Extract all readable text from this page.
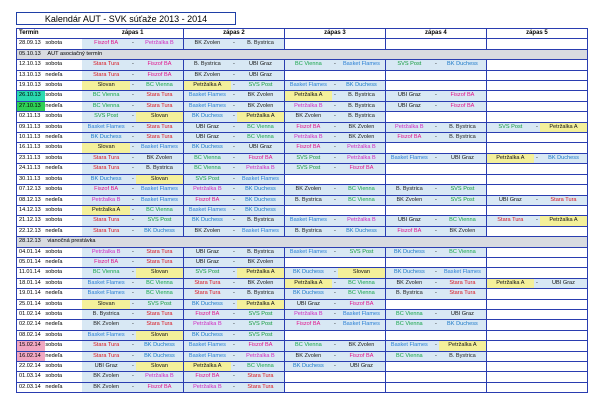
Kalendár AUT - SVK súťaže 2013 - 2014
Termín		zápas 1			zápas 2			zápas 3			zápas 4			zápas 5		
28.09.13	sobota	Fiszof BA	-	Petržalka B	BK Zvolen	-	B. Bystrica									
05.10.13	AUT asociačný termín															
12.10.13	sobota	Stara Tura	-	Fiszof BA	B. Bystrica	-	UBI Graz	BC Vienna	-	Basket Flames	SVS Post	-	BK Duchess			
13.10.13	nedeľa	Stara Tura	-	Fiszof BA	BK Zvolen	-	UBI Graz									
19.10.13	sobota	Slovan	-	BC Vienna	Petržalka A	-	SVS Post	Basket Flames	-	BK Duchess						
26.10.13	sobota	BC Vienna	-	Stara Tura	Basket Flames	-	BK Zvolen	Petržalka A	-	B. Bystrica	UBI Graz	-	Fiszof BA			
27.10.13	nedeľa	BC Vienna	-	Stara Tura	Basket Flames	-	BK Zvolen	Petržalka B	-	B. Bystrica	UBI Graz	-	Fiszof BA			
02.11.13	sobota	SVS Post	-	Slovan	BK Duchess	-	Petržalka A	BK Zvolen	-	B. Bystrica						
09.11.13	sobota	Basket Flames	-	Stara Tura	UBI Graz	-	BC Vienna	Fiszof BA	-	BK Zvolen	Petržalka B	-	B. Bystrica	SVS Post	-	Petržalka A
10.11.13	nedeľa	BK Duchess	-	Stara Tura	UBI Graz	-	BC Vienna	Petržalka B	-	BK Zvolen	Fiszof BA	-	B. Bystrica			
16.11.13	sobota	Slovan	-	Basket Flames	BK Duchess	-	UBI Graz	Fiszof BA	-	Petržalka B						
23.11.13	sobota	Stara Tura	-	BK Zvolen	BC Vienna	-	Fiszof BA	SVS Post	-	Petržalka B	Basket Flames	-	UBI Graz	Petržalka A	-	BK Duchess
24.11.13	nedeľa	Stara Tura	-	B. Bystrica	BC Vienna	-	Petržalka B	SVS Post	-	Fiszof BA						
30.11.13	sobota	BK Duchess	-	Slovan	SVS Post	-	Basket Flames									
07.12.13	sobota	Fiszof BA	-	Basket Flames	Petržalka B	-	BK Duchess	BK Zvolen	-	BC Vienna	B. Bystrica	-	SVS Post			
08.12.13	nedeľa	Petržalka B	-	Basket Flames	Fiszof BA	-	BK Duchess	B. Bystrica	-	BC Vienna	BK Zvolen	-	SVS Post	UBI Graz	-	Stara Tura
14.12.13	sobota	Petržalka A	-	BC Vienna	Basket Flames	-	BK Duchess									
21.12.13	sobota	Stara Tura	-	SVS Post	BK Duchess	-	B. Bystrica	Basket Flames	-	Petržalka B	UBI Graz	-	BC Vienna	Stara Tura	-	Petržalka A
22.12.13	nedeľa	Stara Tura	-	BK Duchess	BK Zvolen	-	Basket Flames	B. Bystrica	-	BK Duchess	Fiszof BA	-	BK Zvolen			
28.12.13	vianočná prestávka															
04.01.14	sobota	Petržalka B	-	Stara Tura	UBI Graz	-	B. Bystrica	Basket Flames	-	SVS Post	BK Duchess	-	BC Vienna			
05.01.14	nedeľa	Fiszof BA	-	Stara Tura	UBI Graz	-	BK Zvolen									
11.01.14	sobota	BC Vienna	-	Slovan	SVS Post	-	Petržalka A	BK Duchess	-	Slovan	BK Duchess	-	Basket Flames			
18.01.14	sobota	Basket Flames	-	BC Vienna	Stara Tura	-	BK Zvolen	Petržalka A	-	BC Vienna	BK Zvolen	-	Stara Tura	Petržalka A	-	UBI Graz
19.01.14	nedeľa	Basket Flames	-	BC Vienna	Stara Tura	-	B. Bystrica	BK Duchess	-	BC Vienna	B. Bystrica	-	Stara Tura			
25.01.14	sobota	Slovan	-	SVS Post	BK Duchess	-	Petržalka A	UBI Graz	-	Fiszof BA						
01.02.14	sobota	B. Bystrica	-	Stara Tura	Fiszof BA	-	SVS Post	Petržalka B	-	Basket Flames	BC Vienna	-	UBI Graz			
02.02.14	nedeľa	BK Zvolen	-	Stara Tura	Petržalka B	-	SVS Post	Fiszof BA	-	Basket Flames	BC Vienna	-	BK Duchess			
08.02.14	sobota	Basket Flames	-	Slovan	BK Duchess	-	SVS Post									
15.02.14	sobota	Stara Tura	-	BK Duchess	Basket Flames	-	Fiszof BA	BC Vienna	-	BK Zvolen	Basket Flames	-	Petržalka A			
16.02.14	nedeľa	Stara Tura	-	BK Duchess	Basket Flames	-	Petržalka B	BK Zvolen	-	Fiszof BA	BC Vienna	-	B. Bystrica			
22.02.14	sobota	UBI Graz	-	Slovan	Petržalka A	-	BC Vienna	BK Duchess	-	UBI Graz						
01.03.14	sobota	BK Zvolen	-	Petržalka B	Fiszof BA	-	Stara Tura									
02.03.14	nedeľa	BK Zvolen	-	Fiszof BA	Petržalka B	-	Stara Tura									
